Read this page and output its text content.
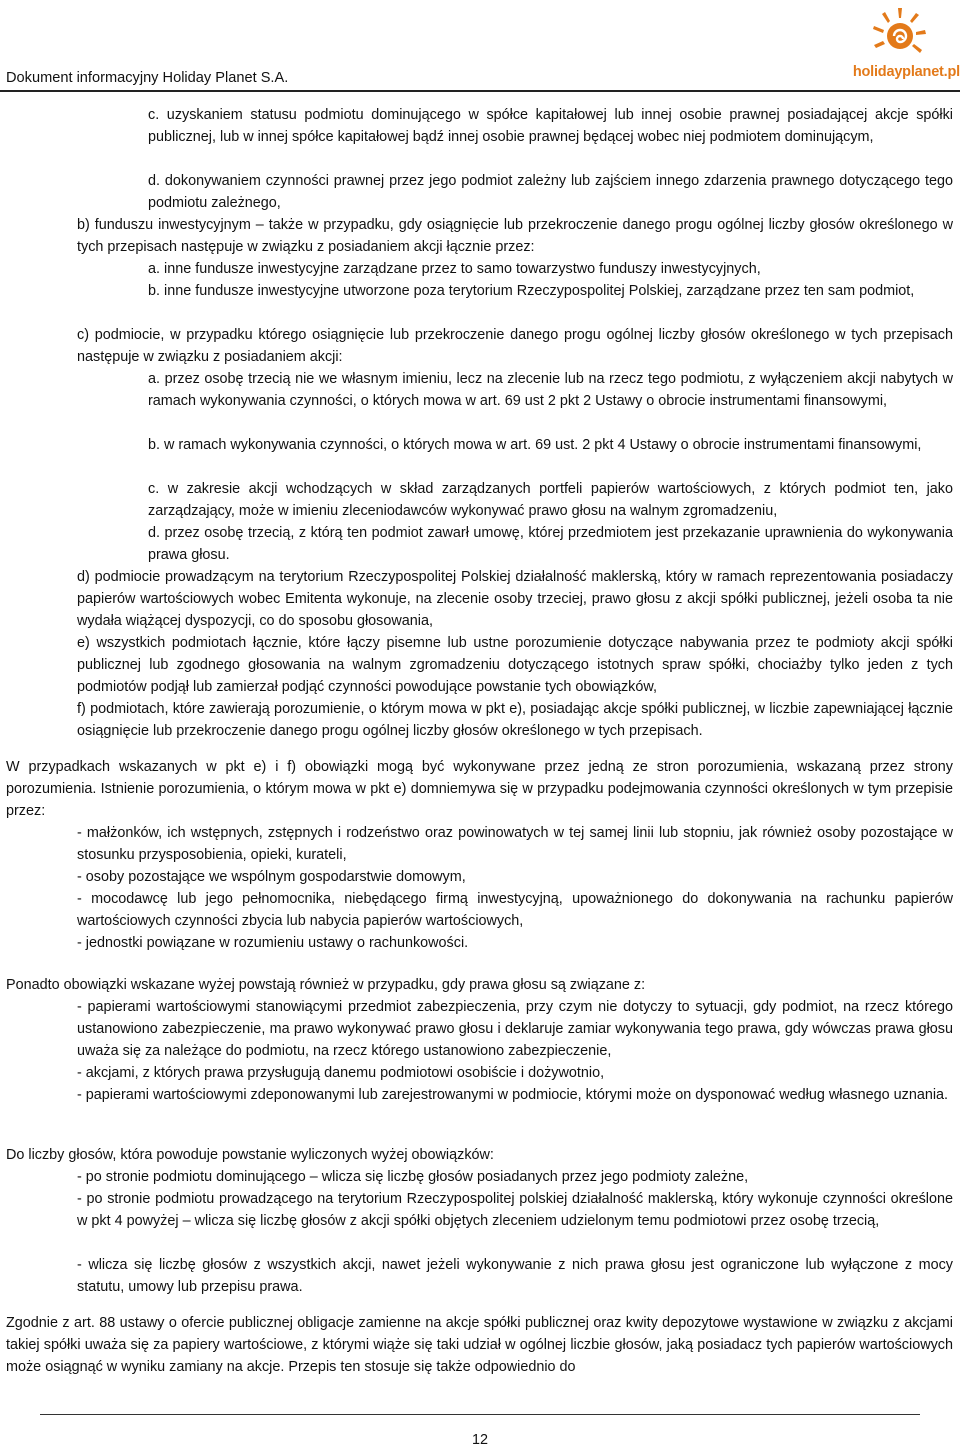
Dokument informacyjny Holiday Planet S.A.	holidayplanet.pl

c. uzyskaniem statusu podmiotu dominującego w spółce kapitałowej lub innej osobie prawnej posiadającej akcje spółki publicznej, lub w innej spółce kapitałowej bądź innej osobie prawnej będącej wobec niej podmiotem dominującym,

d. dokonywaniem czynności prawnej przez jego podmiot zależny lub zajściem innego zdarzenia prawnego dotyczącego tego podmiotu zależnego,

b) funduszu inwestycyjnym – także w przypadku, gdy osiągnięcie lub przekroczenie danego progu ogólnej liczby głosów określonego w tych przepisach następuje w związku z posiadaniem akcji łącznie przez:

a. inne fundusze inwestycyjne zarządzane przez to samo towarzystwo funduszy inwestycyjnych,

b. inne fundusze inwestycyjne utworzone poza terytorium Rzeczypospolitej Polskiej, zarządzane przez ten sam podmiot,

c) podmiocie, w przypadku którego osiągnięcie lub przekroczenie danego progu ogólnej liczby głosów określonego w tych przepisach następuje w związku z posiadaniem akcji:

a. przez osobę trzecią nie we własnym imieniu, lecz na zlecenie lub na rzecz tego podmiotu, z wyłączeniem akcji nabytych w ramach wykonywania czynności, o których mowa w art. 69 ust 2 pkt 2 Ustawy o obrocie instrumentami finansowymi,

b. w ramach wykonywania czynności, o których mowa w art. 69 ust. 2 pkt 4 Ustawy o obrocie instrumentami finansowymi,

c. w zakresie akcji wchodzących w skład zarządzanych portfeli papierów wartościowych, z których podmiot ten, jako zarządzający, może w imieniu zleceniodawców wykonywać prawo głosu na walnym zgromadzeniu,

d. przez osobę trzecią, z którą ten podmiot zawarł umowę, której przedmiotem jest przekazanie uprawnienia do wykonywania prawa głosu.

d) podmiocie prowadzącym na terytorium Rzeczypospolitej Polskiej działalność maklerską, który w ramach reprezentowania posiadaczy papierów wartościowych wobec Emitenta wykonuje, na zlecenie osoby trzeciej, prawo głosu z akcji spółki publicznej, jeżeli osoba ta nie wydała wiążącej dyspozycji, co do sposobu głosowania,

e) wszystkich podmiotach łącznie, które łączy pisemne lub ustne porozumienie dotyczące nabywania przez te podmioty akcji spółki publicznej lub zgodnego głosowania na walnym zgromadzeniu dotyczącego istotnych spraw spółki, chociażby tylko jeden z tych podmiotów podjął lub zamierzał podjąć czynności powodujące powstanie tych obowiązków,

f) podmiotach, które zawierają porozumienie, o którym mowa w pkt e), posiadając akcje spółki publicznej, w liczbie zapewniającej łącznie osiągnięcie lub przekroczenie danego progu ogólnej liczby głosów określonego w tych przepisach.

W przypadkach wskazanych w pkt e) i f) obowiązki mogą być wykonywane przez jedną ze stron porozumienia, wskazaną przez strony porozumienia. Istnienie porozumienia, o którym mowa w pkt e) domniemywa się w przypadku podejmowania czynności określonych w tym przepisie przez:

- małżonków, ich wstępnych, zstępnych i rodzeństwo oraz powinowatych w tej samej linii lub stopniu, jak również osoby pozostające w stosunku przysposobienia, opieki, kurateli,

- osoby pozostające we wspólnym gospodarstwie domowym,

- mocodawcę lub jego pełnomocnika, niebędącego firmą inwestycyjną, upoważnionego do dokonywania na rachunku papierów wartościowych czynności zbycia lub nabycia papierów wartościowych,

- jednostki powiązane w rozumieniu ustawy o rachunkowości.

Ponadto obowiązki wskazane wyżej powstają również w przypadku, gdy prawa głosu są związane z:

- papierami wartościowymi stanowiącymi przedmiot zabezpieczenia, przy czym nie dotyczy to sytuacji, gdy podmiot, na rzecz którego ustanowiono zabezpieczenie, ma prawo wykonywać prawo głosu i deklaruje zamiar wykonywania tego prawa, gdy wówczas prawa głosu uważa się za należące do podmiotu, na rzecz którego ustanowiono zabezpieczenie,

- akcjami, z których prawa przysługują danemu podmiotowi osobiście i dożywotnio,

- papierami wartościowymi zdeponowanymi lub zarejestrowanymi w podmiocie, którymi może on dysponować według własnego uznania.

Do liczby głosów, która powoduje powstanie wyliczonych wyżej obowiązków:

- po stronie podmiotu dominującego – wlicza się liczbę głosów posiadanych przez jego podmioty zależne,

- po stronie podmiotu prowadzącego na terytorium Rzeczypospolitej polskiej działalność maklerską, który wykonuje czynności określone w pkt 4 powyżej – wlicza się liczbę głosów z akcji spółki objętych zleceniem udzielonym temu podmiotowi przez osobę trzecią,

- wlicza się liczbę głosów z wszystkich akcji, nawet jeżeli wykonywanie z nich prawa głosu jest ograniczone lub wyłączone z mocy statutu, umowy lub przepisu prawa.

Zgodnie z art. 88 ustawy o ofercie publicznej obligacje zamienne na akcje spółki publicznej oraz kwity depozytowe wystawione w związku z akcjami takiej spółki uważa się za papiery wartościowe, z którymi wiąże się taki udział w ogólnej liczbie głosów, jaką posiadacz tych papierów wartościowych może osiągnąć w wyniku zamiany na akcje. Przepis ten stosuje się także odpowiednio do

12
